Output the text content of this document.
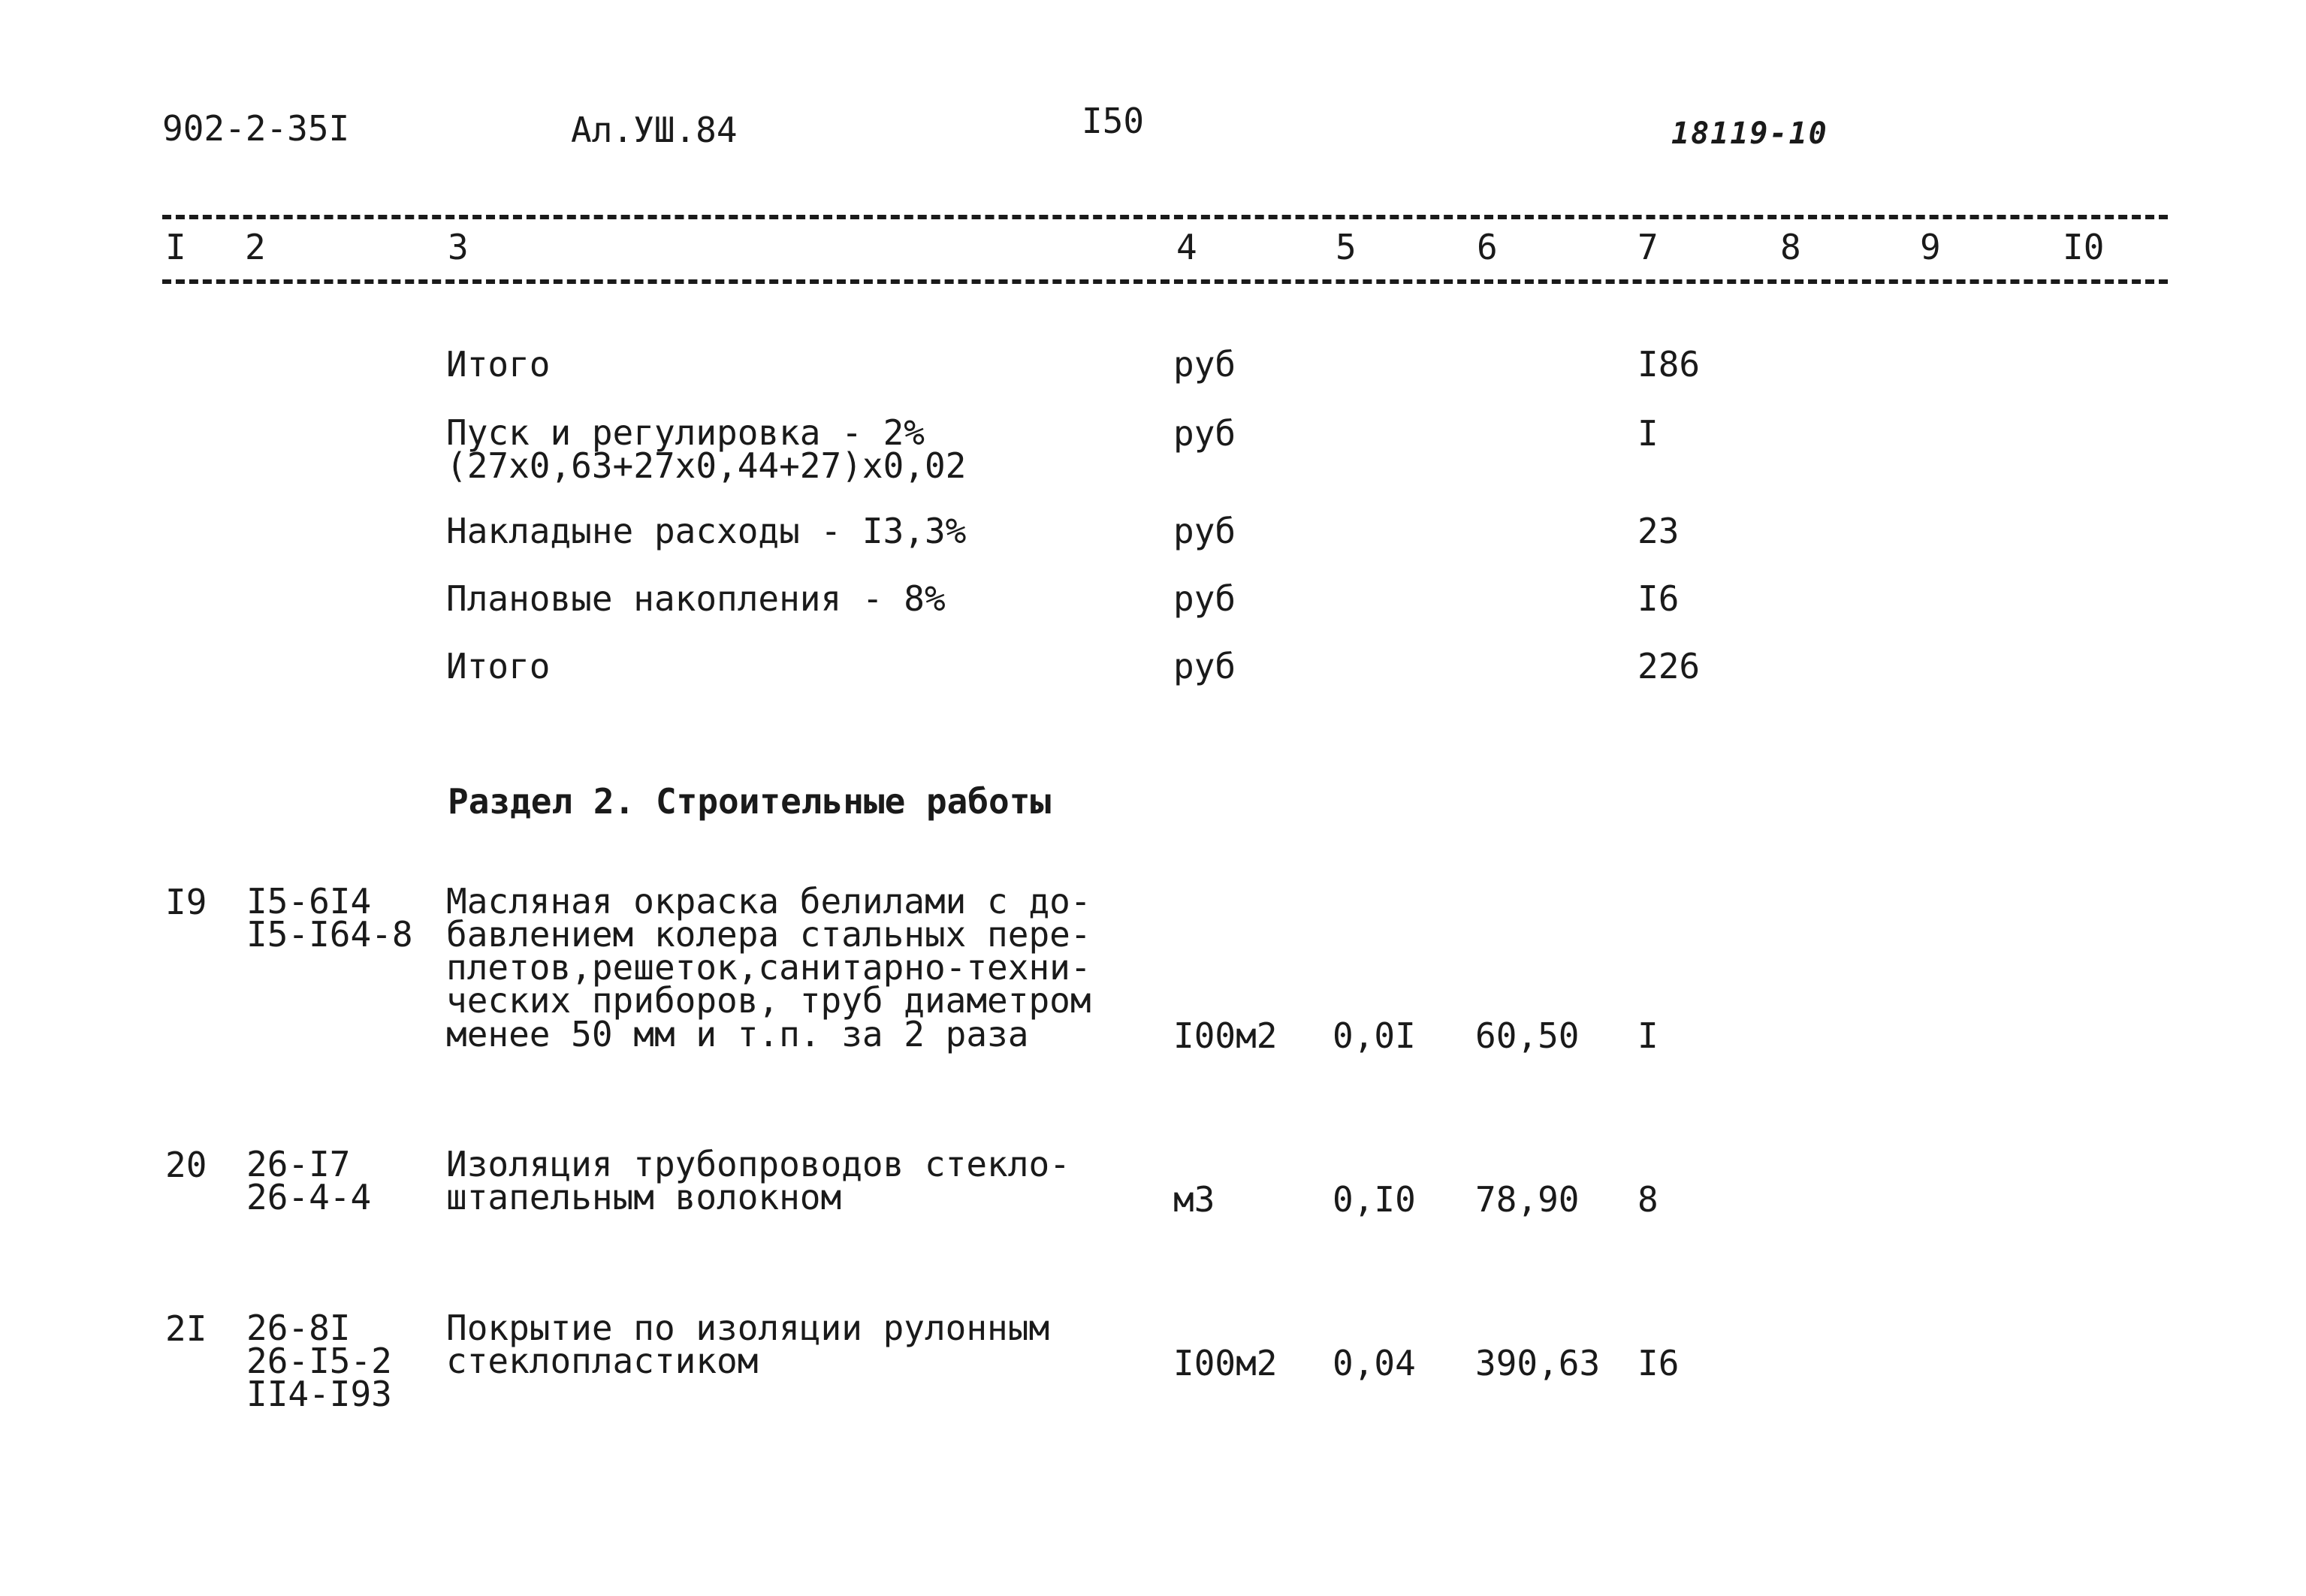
902-2-35I	Ал.УШ.84	I50	18119-10
I 2	3	4	5	6	7	8	9	I0
Итого	руб	I86
Пуск и регулировка - 2%
(27x0,63+27x0,44+27)x0,02
руб	I
Накладыне расходы - I3,3%	руб	23
Плановые накопления - 8%	руб	I6
Итого	руб	226
Раздел 2. Строительные работы
I9 I5-6I4
I5-I64-8
Масляная окраска белилами с до-
бавлением колера стальных пере-
плетов,решеток,санитарно-техни-
ческих приборов, труб диаметром
менее 50 мм и т.п. за 2 раза	I00м2 0,0I 60,50 I
20 26-I7
26-4-4
Изоляция трубопроводов стекло-
штапельным волокном	м3	0,I0 78,90 8
2I 26-8I
26-I5-2
II4-I93
Покрытие по изоляции рулонным
стеклопластиком	I00м2 0,04 390,63 I6
